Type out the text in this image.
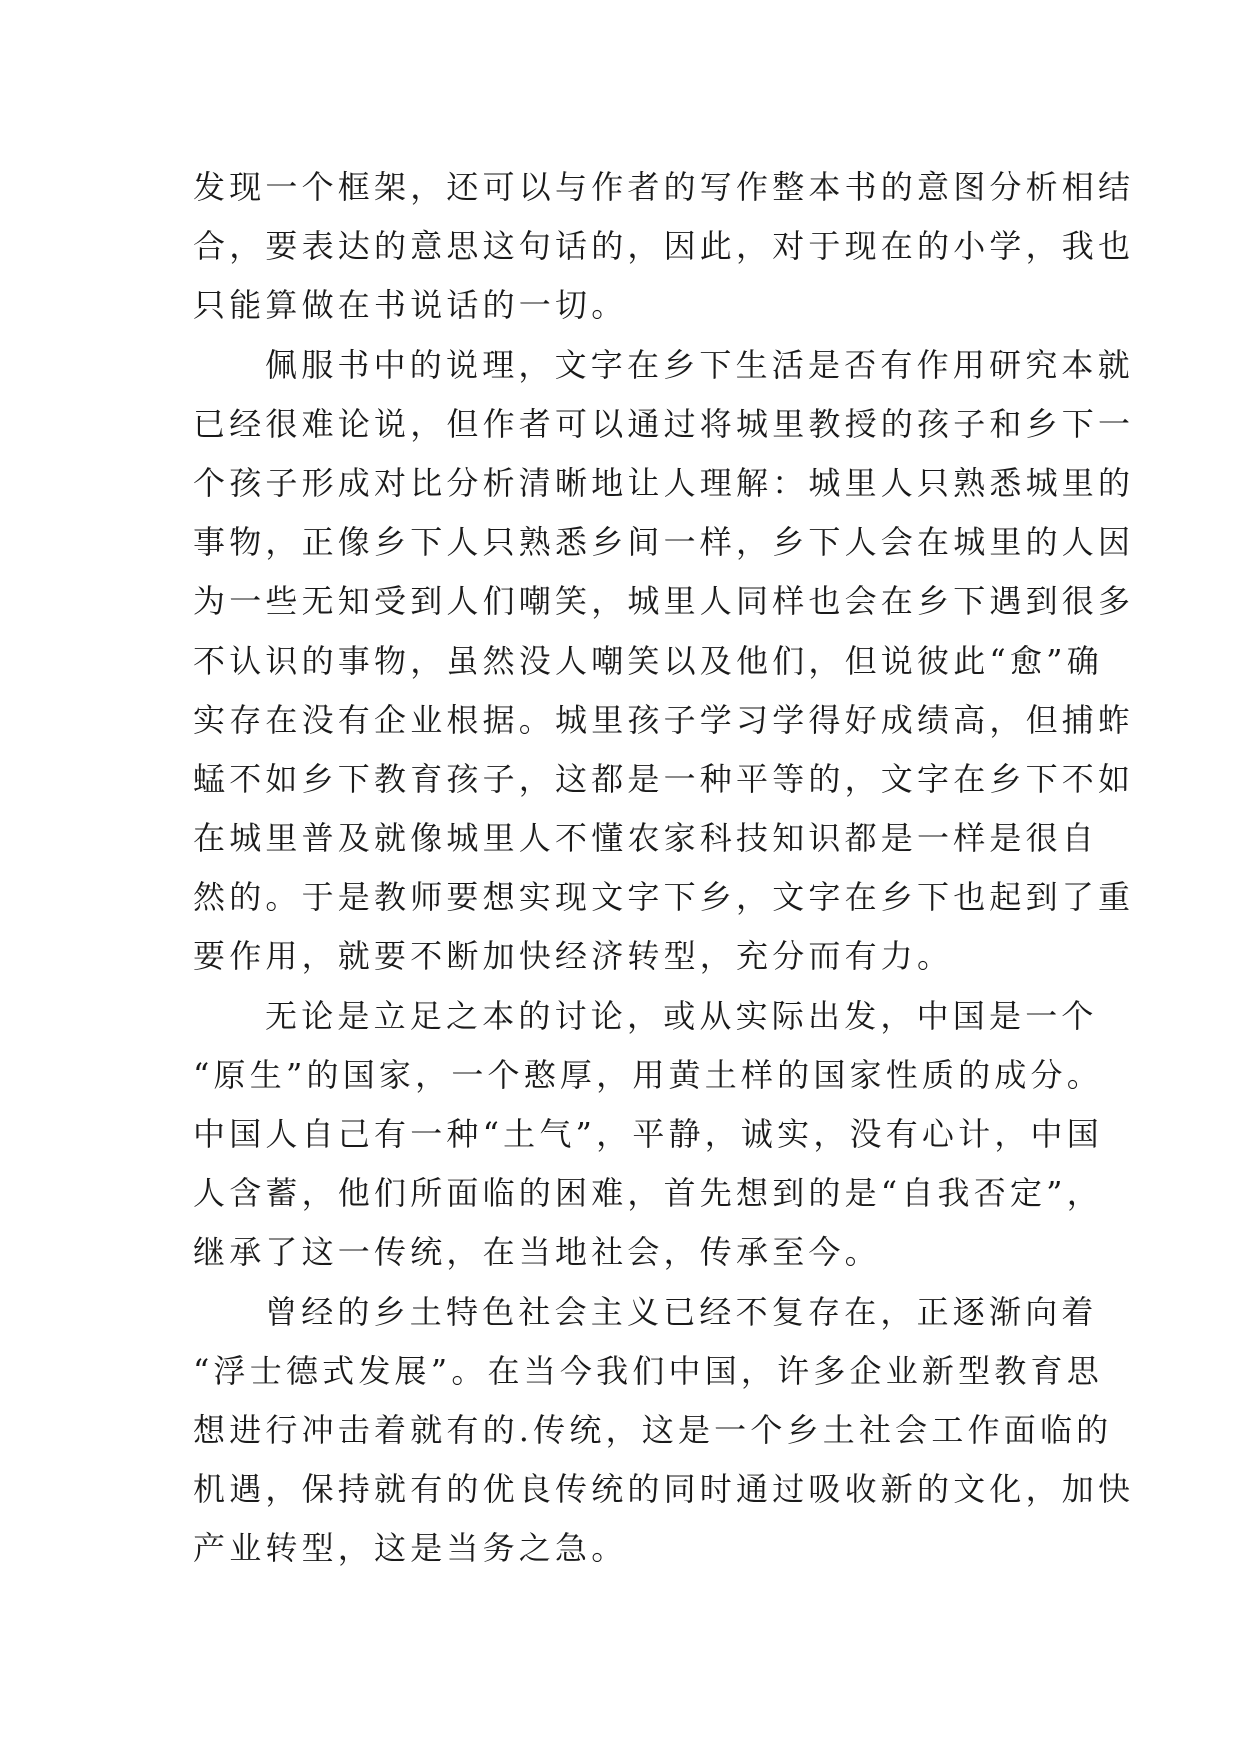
发现一个框架，还可以与作者的写作整本书的意图分析相结
合，要表达的意思这句话的，因此，对于现在的小学，我也
只能算做在书说话的一切。
佩服书中的说理，文字在乡下生活是否有作用研究本就
已经很难论说，但作者可以通过将城里教授的孩子和乡下一
个孩子形成对比分析清晰地让人理解：城里人只熟悉城里的
事物，正像乡下人只熟悉乡间一样，乡下人会在城里的人因
为一些无知受到人们嘲笑，城里人同样也会在乡下遇到很多
不认识的事物，虽然没人嘲笑以及他们，但说彼此“愈”确
实存在没有企业根据。城里孩子学习学得好成绩高，但捕蚱
蜢不如乡下教育孩子，这都是一种平等的，文字在乡下不如
在城里普及就像城里人不懂农家科技知识都是一样是很自
然的。于是教师要想实现文字下乡，文字在乡下也起到了重
要作用，就要不断加快经济转型，充分而有力。
无论是立足之本的讨论，或从实际出发，中国是一个
“原生”的国家，一个憨厚，用黄土样的国家性质的成分。
中国人自己有一种“土气”，平静，诚实，没有心计，中国
人含蓄，他们所面临的困难，首先想到的是“自我否定”，
继承了这一传统，在当地社会，传承至今。
曾经的乡土特色社会主义已经不复存在，正逐渐向着
“浮士德式发展”。在当今我们中国，许多企业新型教育思
想进行冲击着就有的.传统，这是一个乡土社会工作面临的
机遇，保持就有的优良传统的同时通过吸收新的文化，加快
产业转型，这是当务之急。
